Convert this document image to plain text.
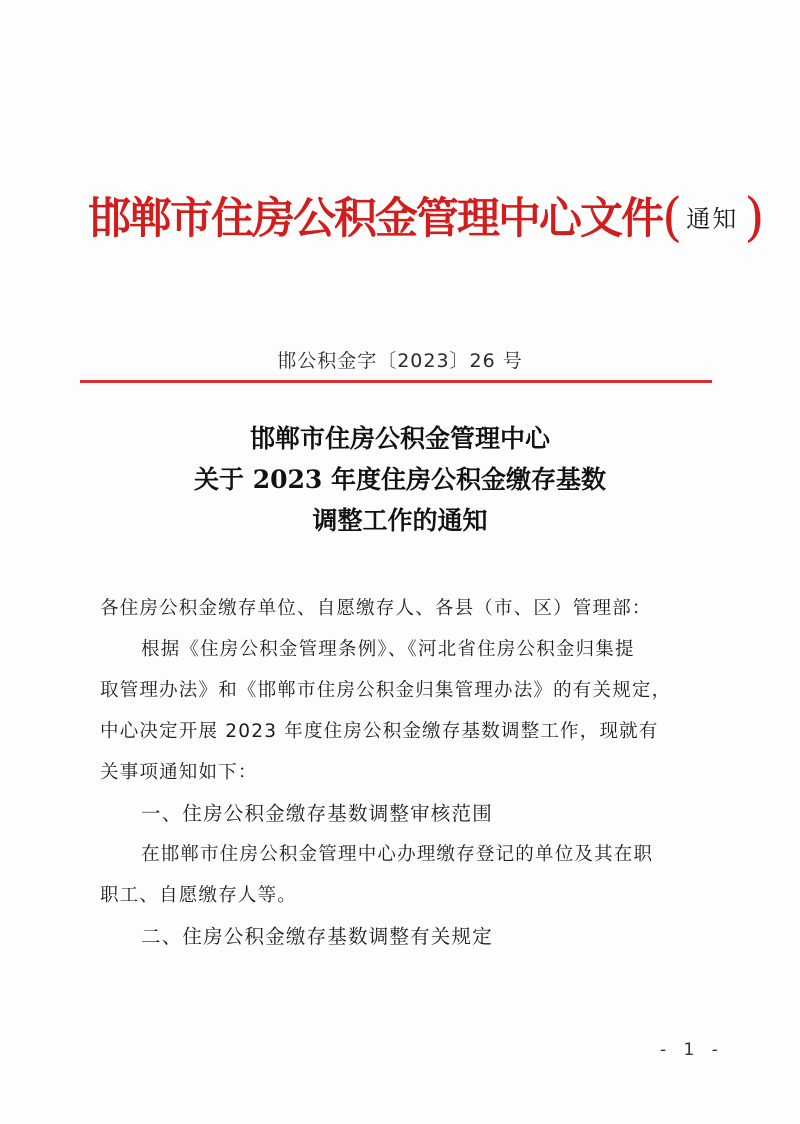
邯郸市住房公积金管理中心文件( 通知 )
邯公积金字〔2023〕26 号
邯郸市住房公积金管理中心
关于 2023 年度住房公积金缴存基数
调整工作的通知
各住房公积金缴存单位、自愿缴存人、各县（市、区）管理部：
根据《住房公积金管理条例》、《河北省住房公积金归集提
取管理办法》和《邯郸市住房公积金归集管理办法》的有关规定，
中心决定开展 2023 年度住房公积金缴存基数调整工作，现就有
关事项通知如下：
一、住房公积金缴存基数调整审核范围
在邯郸市住房公积金管理中心办理缴存登记的单位及其在职
职工、自愿缴存人等。
二、住房公积金缴存基数调整有关规定
- 1 -
